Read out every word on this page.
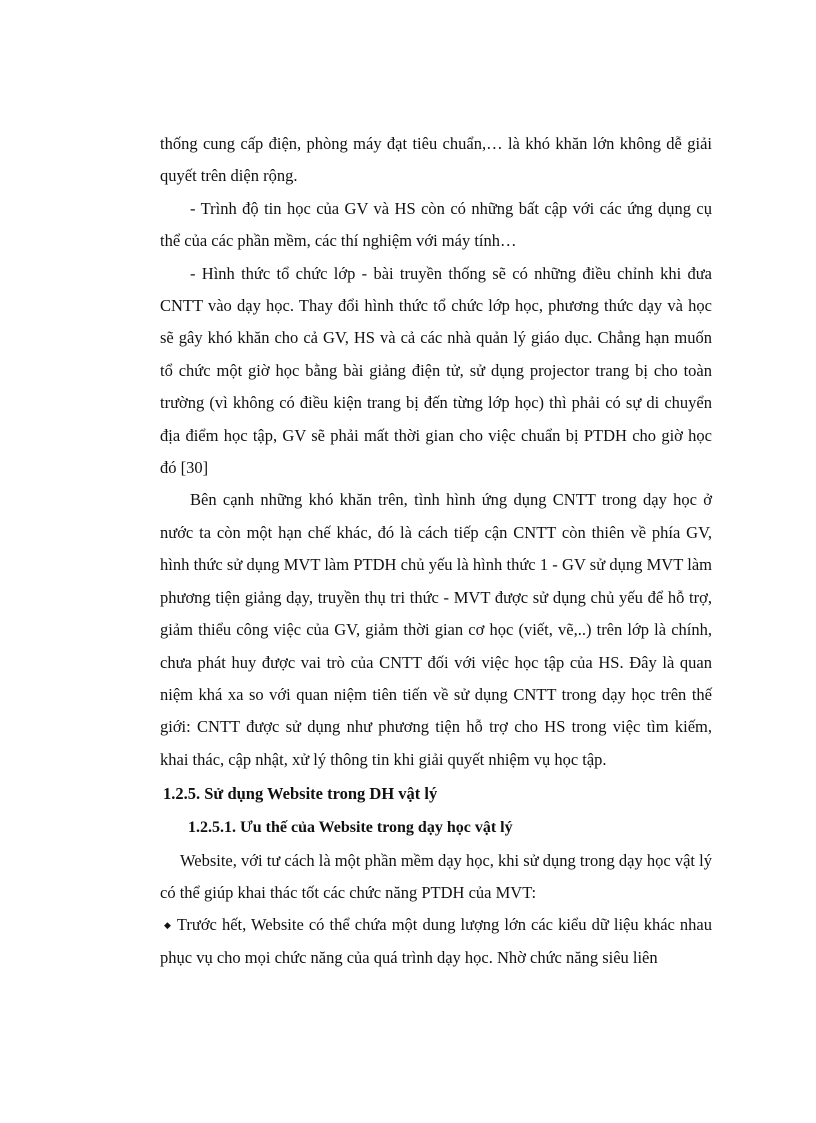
thống cung cấp điện, phòng máy đạt tiêu chuẩn,… là khó khăn lớn không dễ giải quyết trên diện rộng.

- Trình độ tin học của GV và HS còn có những bất cập với các ứng dụng cụ thể của các phần mềm, các thí nghiệm với máy tính…

- Hình thức tổ chức lớp - bài truyền thống sẽ có những điều chỉnh khi đưa CNTT vào dạy học. Thay đổi hình thức tổ chức lớp học, phương thức dạy và học sẽ gây khó khăn cho cả GV, HS và cả các nhà quản lý giáo dục. Chẳng hạn muốn tổ chức một giờ học bằng bài giảng điện tử, sử dụng projector trang bị cho toàn trường (vì không có điều kiện trang bị đến từng lớp học) thì phải có sự di chuyển địa điểm học tập, GV sẽ phải mất thời gian cho việc chuẩn bị PTDH cho giờ học đó [30]

Bên cạnh những khó khăn trên, tình hình ứng dụng CNTT trong dạy học ở nước ta còn một hạn chế khác, đó là cách tiếp cận CNTT còn thiên về phía GV, hình thức sử dụng MVT làm PTDH chủ yếu là hình thức 1 - GV sử dụng MVT làm phương tiện giảng dạy, truyền thụ tri thức - MVT được sử dụng chủ yếu để hỗ trợ, giảm thiểu công việc của GV, giảm thời gian cơ học (viết, vẽ,..) trên lớp là chính, chưa phát huy được vai trò của CNTT đối với việc học tập của HS. Đây là quan niệm khá xa so với quan niệm tiên tiến về sử dụng CNTT trong dạy học trên thế giới: CNTT được sử dụng như phương tiện hỗ trợ cho HS trong việc tìm kiếm, khai thác, cập nhật, xử lý thông tin khi giải quyết nhiệm vụ học tập.

1.2.5. Sử dụng Website trong DH vật lý
1.2.5.1. Ưu thế của Website trong dạy học vật lý

Website, với tư cách là một phần mềm dạy học, khi sử dụng trong dạy học vật lý có thể giúp khai thác tốt các chức năng PTDH của MVT:

◆ Trước hết, Website có thể chứa một dung lượng lớn các kiểu dữ liệu khác nhau phục vụ cho mọi chức năng của quá trình dạy học. Nhờ chức năng siêu liên
